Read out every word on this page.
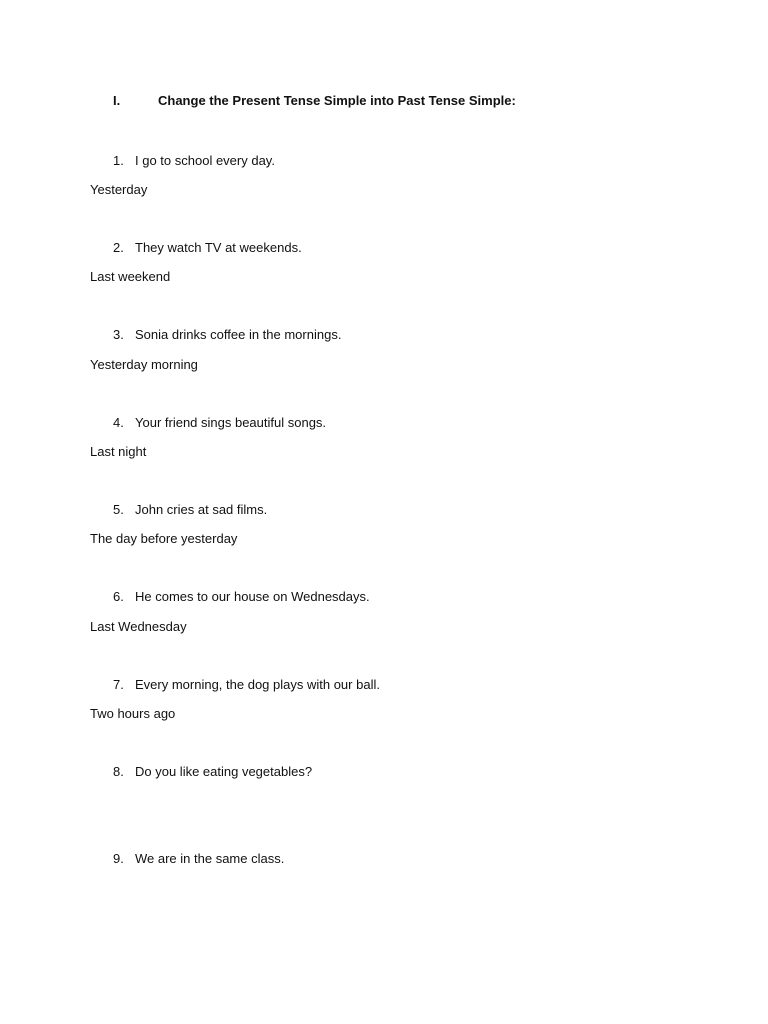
I.	Change the Present Tense Simple into Past Tense Simple:
1. I go to school every day.
Yesterday
2. They watch TV at weekends.
Last weekend
3. Sonia drinks coffee in the mornings.
Yesterday morning
4. Your friend sings beautiful songs.
Last night
5. John cries at sad films.
The day before yesterday
6. He comes to our house on Wednesdays.
Last Wednesday
7. Every morning, the dog plays with our ball.
Two hours ago
8. Do you like eating vegetables?
9. We are in the same class.
